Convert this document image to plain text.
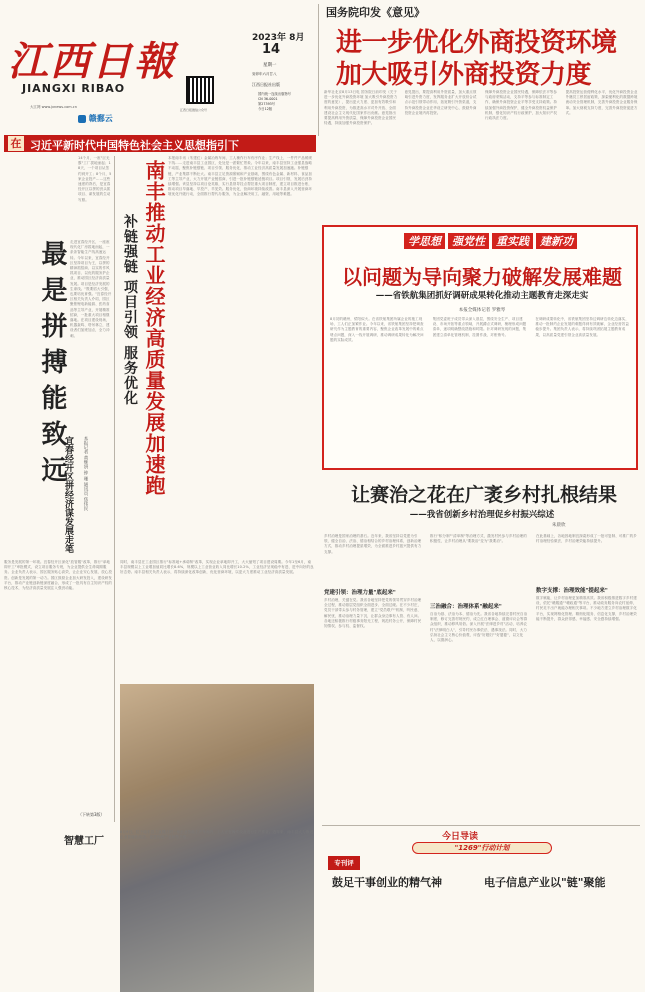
江西日報
JIANGXI RIBAO
大江网 www.jxnews.com.cn
赣鄱云
江西日报微信公众号
2023年 8月
14
星期一
癸卯年六月廿八
江西日报社出版
国内统一连续出版物号
CN 36-0001
第27393号
今日12版
国务院印发《意见》
进一步优化外商投资环境
加大吸引外商投资力度
新华社北京8月13日电 国务院日前印发《关于进一步优化外商投资环境 加大吸引外商投资力度的意见》，提出更大力度、更加有效吸引和利用外商投资，为推进高水平对外开放、全面建设社会主义现代化国家作出贡献。意见指出要提高利用外资质量，保障外商投资企业国民待遇，持续加强外商投资保护。
意见提出，要提高利用外资质量，加大重点领域引进外资力度，发挥服务业扩大开放综合试点示范引领带动作用，拓宽吸引外资渠道，支持外商投资企业在华设立研发中心，鼓励外商投资企业境内再投资。
保障外商投资企业国民待遇，保障依法平等参与政府采购活动，支持平等参与标准制定工作，确保外商投资企业平等享受支持政策。持续加强外商投资保护，健全外商投资权益保护机制，强化知识产权行政保护，加大知识产权行政执法力度。
提高投资运营便利化水平，优化外商投资企业外籍员工停居留政策，探索便利化的数据跨境流动安全管理机制，完善外商投资企业服务保障。加大财税支持力度，完善外商投资促进方式。
在 习近平新时代中国特色社会主义思想指引下
14个月，一座"巨无霸"工厂拔地而起；18天，一个项目从签约到开工；8个月，5家企业投产……这些速度的背后，是宜春经开区以拼的劲头抓项目、谋发展的生动写照。
最是拼搏能致远
宜春经开区拼经济谋发展走笔	本报记者 黄继妍 钟 珊 通讯员 焦伟民
走进宜春经开区，一座座现代化厂房拔地而起，一条条智能生产线高速运转。今年以来，宜春经开区坚持项目为王，以拼的精神抓招商、以实的作风抓项目、以优的服务护企业，推动园区经济高质量发展。项目是经济发展的生命线。"既要招大引强，也要培优育强。"宜春经开区相关负责人介绍，园区聚焦锂电新能源、医药食品等主导产业，开展精准招商，一批重大项目相继落地。在项目建设现场，机器轰鸣、塔吊林立，建设者们加班加点，全力冲刺。
服务是发展的第一环境。宜春经开区深化"放管服"改革，推行"拿地即开工"审批模式，设立项目服务专班，为企业提供全生命周期服务。企业负责人表示，园区服务贴心高效，让企业安心发展、放心投资。创新是发展的第一动力。园区鼓励企业加大研发投入，建设研发平台，推动产业链创新链深度融合，形成了一批具有自主知识产权的核心技术，为经济高质量发展注入强劲动能。
（下转第3版）
补链强链 项目引领 服务优化 南丰推动工业经济高质量发展加速跑
本报南丰讯（朱建红）金属冶炼车间，工人操作行车有序作业；生产线上，一件件产品缓缓下线……走进南丰县工业园区，处处是一派繁忙景象。今年以来，南丰县坚持工业强县战略不动摇，聚焦补链强链、项目引领、服务优化，推动工业经济高质量发展加速跑。补链强链，产业集群不断壮大。南丰县立足资源禀赋和产业基础，围绕有色金属、新材料、食品加工等主导产业，大力开展产业链招商，引进一批补链强链延链项目。项目引领，发展后劲持续增强。该县坚持以项目论英雄，实行县领导挂点帮扶重大项目制度，建立项目推进台账，推动项目早落地、早投产、早见效。服务优化，营商环境持续改善。南丰县深入开展营商环境优化升级行动，全面推行帮代办服务，为企业解决用工、融资、用地等难题。
同时，南丰县在工业园区推行"标准地+承诺制"改革，实现企业拿地即开工，大大缩短了项目建设周期。今年1至6月，南丰县规模以上工业增加值同比增长8.6%，规模以上工业营业收入同比增长10.2%，工业经济呈现稳中有进、进中向好的良好态势。南丰县相关负责人表示，将持续深化改革创新，优化营商环境，以更大力度推动工业经济高质量发展。
智慧工厂
8月9日，位于南丰县工业园区的一家企业智能生产车间内，工人正在操作设备进行生产作业。近年来，南丰县大力推进企业智能化改造，促进传统产业转型升级。
学思想	强党性	重实践	建新功
以问题为导向聚力破解发展难题
——省铁航集团抓好调研成果转化推动主题教育走深走实
本报全媒体记者 罗雅琴
8月初的赣州，骄阳似火。在省铁航集团所属企业的施工现场，工人们正加紧作业。今年以来，省铁航集团坚持把调查研究作为主题教育的重要内容，聚焦企业改革发展中的难点堵点问题，深入一线开展调研，推动调研成果转化为解决问题的实际成效。
集团党委班子成员带头深入基层，围绕安全生产、项目建设、市场开拓等重点领域，开展蹲点式调研，梳理形成问题清单，逐项明确整改措施和时限。针对调研发现的问题，集团建立清单化管理机制，挂图作战、对账销号。
在调研成果转化中，省铁航集团坚持边调研边转化边落实，推动一批制约企业发展的难题得到有效破解，企业经营效益稳步提升。集团负责人表示，将持续巩固拓展主题教育成果，以高质量党建引领企业高质量发展。
让赛治之花在广袤乡村扎根结果
——我省创新乡村治理促乡村振兴综述
朱晨欣
乡村治理是国家治理的基石。近年来，我省坚持以党建为引领，健全自治、法治、德治相结合的乡村治理体系，创新治理方式，推动乡村治理提质增效，为全面推进乡村振兴提供有力支撑。
党建引领：治理力量"底起来"
乡村治理，关键在党。我省各地坚持把党的领导贯穿乡村治理全过程，推动基层党组织全面进步、全面过硬。在不少村庄，党员干部带头参与村务管理，建立"党员联户"机制，听民意、解民忧，推动治理力量下沉，让群众身边事有人管、有人问。各地还积极推行村级事务阳光工程，规范村务公开，保障村民知情权、参与权、监督权。
推行"积分制""清单制"等治理方式，激发村民参与乡村治理的积极性，让乡村治理从"要我治"变为"我要治"。
三治融合：治理体系"融起来"
自治为基、法治为本、德治为先。我省各地持续完善村民自治制度，修订完善村规民约，成立红白理事会、道德评议会等群众组织，推动移风易俗。深入开展"法律进乡村"活动，培养农村"法律明白人"，引导村民办事依法、遇事找法。同时，大力弘扬社会主义核心价值观，评选"好媳妇""好婆婆"，以文化人、以德润心。
在此基础上，各地因地制宜探索形成了一批可复制、可推广的乡村治理经验做法，乡村治理效能持续提升。
数字支撑：治理效能"提起来"
数字赋能，让乡村治理更加精准高效。我省积极推进数字乡村建设，依托"赣服通""赣政通"等平台，推动政务服务向农村延伸，村民足不出户就能办理相关事项。不少地方建立乡村治理数字化平台，实现网格化管理、精细化服务、信息化支撑，乡村治理效能不断提升，群众获得感、幸福感、安全感持续增强。
今日导读
"1269"行动计划
专刊评
鼓足干事创业的精气神	电子信息产业以"链"聚能
